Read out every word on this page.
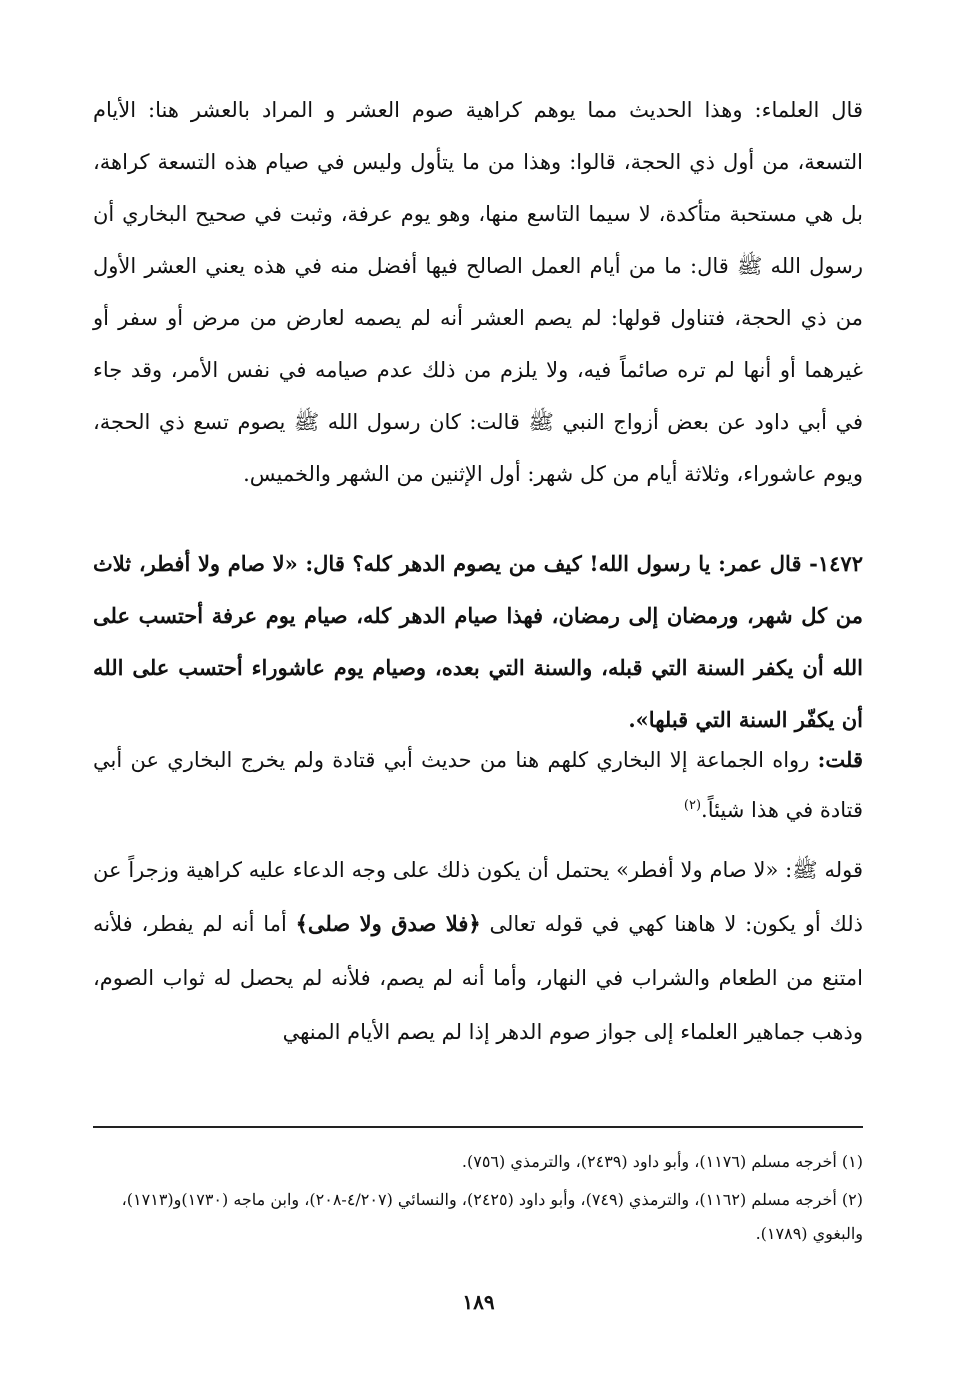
قال العلماء: وهذا الحديث مما يوهم كراهية صوم العشر و المراد بالعشر هنا: الأيام التسعة، من أول ذي الحجة، قالوا: وهذا من ما يتأول وليس في صيام هذه التسعة كراهة، بل هي مستحبة متأكدة، لا سيما التاسع منها، وهو يوم عرفة، وثبت في صحيح البخاري أن رسول الله ﷺ قال: ما من أيام العمل الصالح فيها أفضل منه في هذه يعني العشر الأول من ذي الحجة، فتناول قولها: لم يصم العشر أنه لم يصمه لعارض من مرض أو سفر أو غيرهما أو أنها لم تره صائماً فيه، ولا يلزم من ذلك عدم صيامه في نفس الأمر، وقد جاء في أبي داود عن بعض أزواج النبي ﷺ قالت: كان رسول الله ﷺ يصوم تسع ذي الحجة، ويوم عاشوراء، وثلاثة أيام من كل شهر: أول الإثنين من الشهر والخميس.

١٤٧٢- قال عمر: يا رسول الله! كيف من يصوم الدهر كله؟ قال: «لا صام ولا أفطر، ثلاث من كل شهر، ورمضان إلى رمضان، فهذا صيام الدهر كله، صيام يوم عرفة أحتسب على الله أن يكفر السنة التي قبله، والسنة التي بعده، وصيام يوم عاشوراء أحتسب على الله أن يكفّر السنة التي قبلها».

قلت: رواه الجماعة إلا البخاري كلهم هنا من حديث أبي قتادة ولم يخرج البخاري عن أبي قتادة في هذا شيئاً.$^{(٢)}$

قوله ﷺ: «لا صام ولا أفطر» يحتمل أن يكون ذلك على وجه الدعاء عليه كراهية وزجراً عن ذلك أو يكون: لا هاهنا كهي في قوله تعالى ﴿فلا صدق ولا صلى﴾ أما أنه لم يفطر، فلأنه امتنع من الطعام والشراب في النهار، وأما أنه لم يصم، فلأنه لم يحصل له ثواب الصوم، وذهب جماهير العلماء إلى جواز صوم الدهر إذا لم يصم الأيام المنهي

(١) أخرجه مسلم (١١٧٦)، وأبو داود (٢٤٣٩)، والترمذي (٧٥٦).

(٢) أخرجه مسلم (١١٦٢)، والترمذي (٧٤٩)، وأبو داود (٢٤٢٥)، والنسائي (٤/٢٠٧-٢٠٨)، وابن ماجه (١٧٣٠)و(١٧١٣)، والبغوي (١٧٨٩).

١٨٩
